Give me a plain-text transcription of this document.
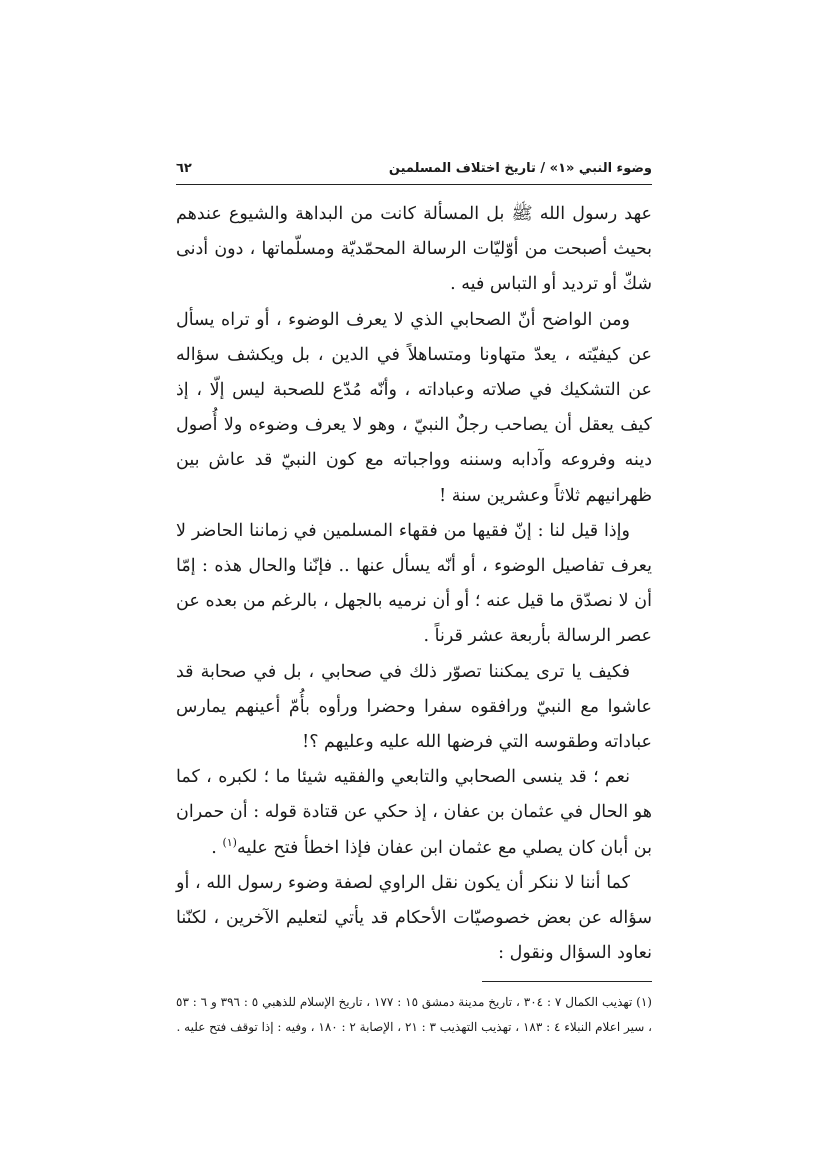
٦٢	وضوء النبي «١» / تاريخ اختلاف المسلمين

عهد رسول الله ﷺ بل المسألة كانت من البداهة والشيوع عندهم بحيث أصبحت من أوّليّات الرسالة المحمّديّة ومسلّماتها ، دون أدنى شكّ أو ترديد أو التباس فيه .

ومن الواضح أنّ الصحابي الذي لا يعرف الوضوء ، أو تراه يسأل عن كيفيّته ، يعدّ متهاونا ومتساهلاً في الدين ، بل ويكشف سؤاله عن التشكيك في صلاته وعباداته ، وأنّه مُدّع للصحبة ليس إلّا ، إذ كيف يعقل أن يصاحب رجلٌ النبيّ ، وهو لا يعرف وضوءه ولا أُصول دينه وفروعه وآدابه وسننه وواجباته مع كون النبيّ قد عاش بين ظهرانيهم ثلاثاً وعشرين سنة !

وإذا قيل لنا : إنّ فقيها من فقهاء المسلمين في زماننا الحاضر لا يعرف تفاصيل الوضوء ، أو أنّه يسأل عنها .. فإنّنا والحال هذه : إمّا أن لا نصدّق ما قيل عنه ؛ أو أن نرميه بالجهل ، بالرغم من بعده عن عصر الرسالة بأربعة عشر قرناً .

فكيف يا ترى يمكننا تصوّر ذلك في صحابي ، بل في صحابة قد عاشوا مع النبيّ ورافقوه سفرا وحضرا ورأوه بأُمّ أعينهم يمارس عباداته وطقوسه التي فرضها الله عليه وعليهم ؟!

نعم ؛ قد ينسى الصحابي والتابعي والفقيه شيئا ما ؛ لكبره ، كما هو الحال في عثمان بن عفان ، إذ حكي عن قتادة قوله : أن حمران بن أبان كان يصلي مع عثمان ابن عفان فإذا اخطأ فتح عليه$^{(١)}$ .

كما أننا لا ننكر أن يكون نقل الراوي لصفة وضوء رسول الله ، أو سؤاله عن بعض خصوصيّات الأحكام قد يأتي لتعليم الآخرين ، لكنّنا نعاود السؤال ونقول :

(١) تهذيب الكمال ٧ : ٣٠٤ ، تاريخ مدينة دمشق ١٥ : ١٧٧ ، تاريخ الإسلام للذهبي ٥ : ٣٩٦ و ٦ : ٥٣ ، سير اعلام النبلاء ٤ : ١٨٣ ، تهذيب التهذيب ٣ : ٢١ ، الإصابة ٢ : ١٨٠ ، وفيه : إذا توقف فتح عليه .
